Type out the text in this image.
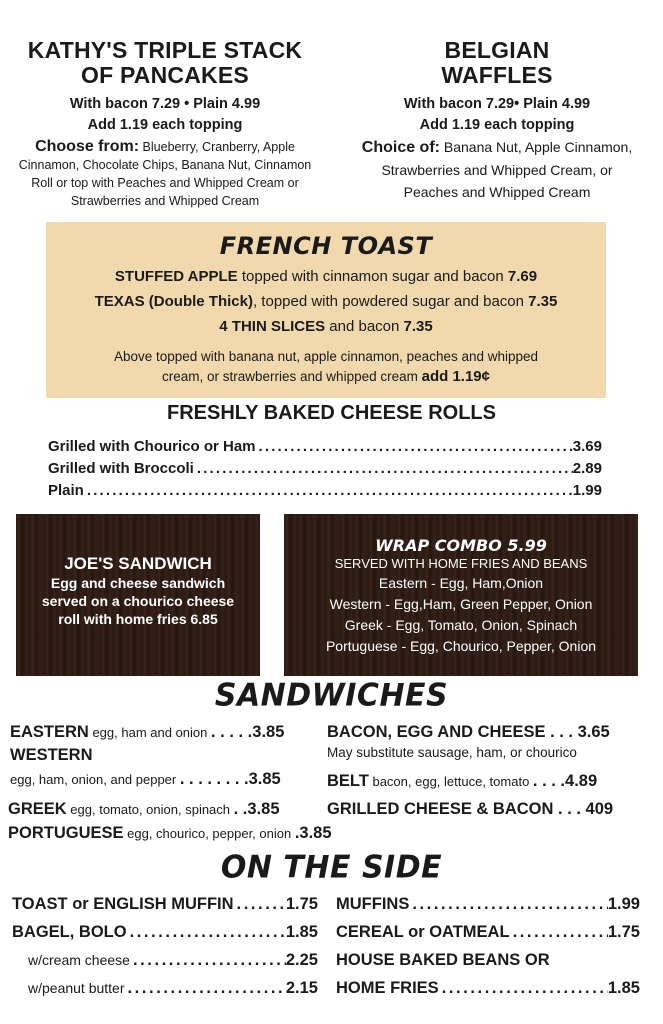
KATHY'S TRIPLE STACK
OF PANCAKES
With bacon 7.29 • Plain 4.99
Add 1.19 each topping
Choose from: Blueberry, Cranberry, Apple
Cinnamon, Chocolate Chips, Banana Nut, Cinnamon
Roll or top with Peaches and Whipped Cream or
Strawberries and Whipped Cream
BELGIAN
WAFFLES
With bacon 7.29• Plain 4.99
Add 1.19 each topping
Choice of: Banana Nut, Apple Cinnamon,
Strawberries and Whipped Cream, or
Peaches and Whipped Cream
FRENCH TOAST
STUFFED APPLE topped with cinnamon sugar and bacon 7.69
TEXAS (Double Thick), topped with powdered sugar and bacon 7.35
4 THIN SLICES and bacon 7.35
Above topped with banana nut, apple cinnamon, peaches and whipped
cream, or strawberries and whipped cream add 1.19¢
FRESHLY BAKED CHEESE ROLLS
Grilled with Chourico or Ham . . .	3.69
Grilled with Broccoli . . .	2.89
Plain . . .	1.99
JOE'S SANDWICH
Egg and cheese sandwich
served on a chourico cheese
roll with home fries 6.85
WRAP COMBO 5.99
SERVED WITH HOME FRIES AND BEANS
Eastern - Egg, Ham,Onion
Western - Egg,Ham, Green Pepper, Onion
Greek - Egg, Tomato, Onion, Spinach
Portuguese - Egg, Chourico, Pepper, Onion
SANDWICHES
EASTERN egg, ham and onion . . . . .3.85
WESTERN
egg, ham, onion, and pepper . . . . . . . .3.85
GREEK egg, tomato, onion, spinach . .3.85
PORTUGUESE egg, chourico, pepper, onion .3.85
BACON, EGG AND CHEESE . . . 3.65
May substitute sausage, ham, or chourico
BELT bacon, egg, lettuce, tomato . . . .4.89
GRILLED CHEESE & BACON . . . 409
ON THE SIDE
TOAST or ENGLISH MUFFIN . . .	1.75
BAGEL, BOLO . . .	1.85
w/cream cheese . . .	2.25
w/peanut butter . . .	2.15
MUFFINS . . .	1.99
CEREAL or OATMEAL . . .	1.75
HOUSE BAKED BEANS OR
HOME FRIES . . .	1.85
